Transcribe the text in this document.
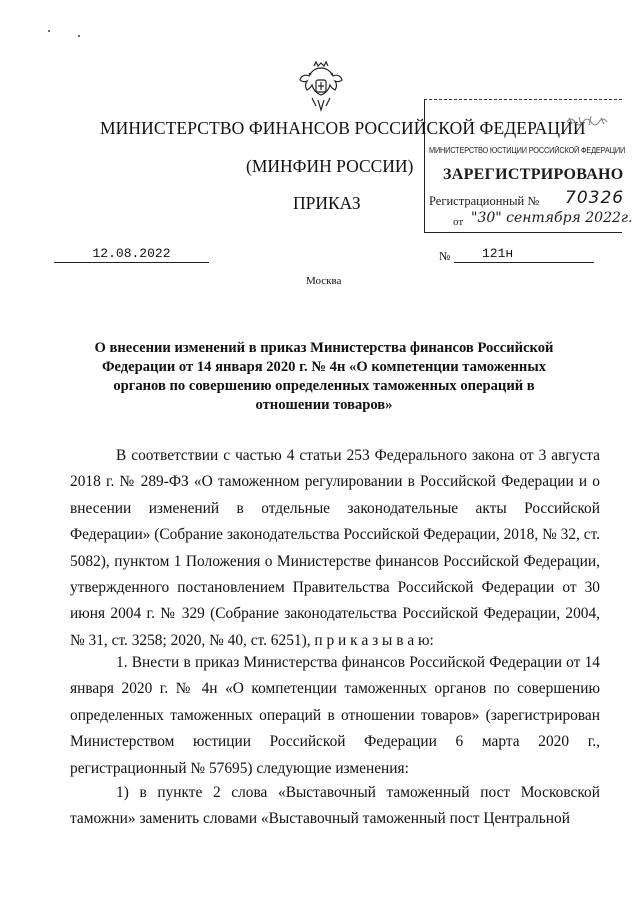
МИНИСТЕРСТВО ФИНАНСОВ РОССИЙСКОЙ ФЕДЕРАЦИИ
(МИНФИН РОССИИ)
ПРИКАЗ
МИНИСТЕРСТВО ЮСТИЦИИ РОССИЙСКОЙ ФЕДЕРАЦИИ
ЗАРЕГИСТРИРОВАНО
Регистрационный № 70326
от "30" сентября 2022г.
12.08.2022	№	121н
Москва
О внесении изменений в приказ Министерства финансов Российской Федерации от 14 января 2020 г. № 4н «О компетенции таможенных органов по совершению определенных таможенных операций в отношении товаров»
В соответствии с частью 4 статьи 253 Федерального закона от 3 августа 2018 г. № 289-ФЗ «О таможенном регулировании в Российской Федерации и о внесении изменений в отдельные законодательные акты Российской Федерации» (Собрание законодательства Российской Федерации, 2018, № 32, ст. 5082), пунктом 1 Положения о Министерстве финансов Российской Федерации, утвержденного постановлением Правительства Российской Федерации от 30 июня 2004 г. № 329 (Собрание законодательства Российской Федерации, 2004, № 31, ст. 3258; 2020, № 40, ст. 6251), п р и к а з ы в а ю:
1. Внести в приказ Министерства финансов Российской Федерации от 14 января 2020 г. № 4н «О компетенции таможенных органов по совершению определенных таможенных операций в отношении товаров» (зарегистрирован Министерством юстиции Российской Федерации 6 марта 2020 г., регистрационный № 57695) следующие изменения:
1) в пункте 2 слова «Выставочный таможенный пост Московской таможни» заменить словами «Выставочный таможенный пост Центральной
